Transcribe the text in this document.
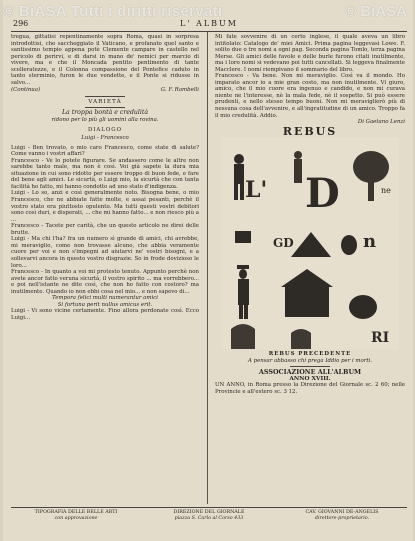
© BiASA Tutti i diritti riservati	© BiASA
296	L' ALBUM

tregua, gittatisi repentinamente sopra Roma, quasi in sorpresa introdottisi, che saccheggiato il Vaticano, e profanato quel santo e santissimo tempio appena potè Clemente campare in castello nel pericolo di perirvi, e di darsi in mano de' nemici per marcio di vivere, ma e che il Moncada pentito pentimento di tante scelleratezze, e il Colonna compassione del Pontefice caduto in tanto sterminio, furon le due vendette, e il Ponte si ridusse in salvo...

(Continua)	G. F. Rambelli

VARIETÀ

La troppa bontà e credulità

ridono per lo più gli uomini alla rovina.

DIALOGO

Luigi - Francesco

Luigi - Ben trovato, o mio caro Francesco, come state di salute? Come vanno i vostri affari?

Francesco - Ve lo potete figurare. Se andassero come le altre non sarebbe tanto male, ma non è così. Voi già sapete la dura mia situazione in cui sono ridotto per essere troppo di buon fede, e fare del bene agli amici. Le sicurtà, o Luigi mio, la sicurtà che con tanta facilità ho fatto, mi hanno condotto ad uno stato d'indigenza.

Luigi - Lo so, anzi e così generalmente noto. Bisogna bene, o mio Francesco, che ne abbiate fatte molte, e assai pesanti, perchè il vostro stato era piuttosto opulento. Ma tutti questi vostri debitori sono così duri, e disperati, ... che mi hanno fatto... e non riesco più a ...

Francesco - Tacete per carità, che un questo articolo ne direi delle brutte.

Luigi - Ma chi l'ha? fra un numero sì grande di amici, chi avrebbe, mi meraviglio, come non trovasse alcuno, che abbia veramente cuore per voi e non s'impegni ad aiutarvi ne' vostri bisogni, e a sollevarvi ancora in questo vostro disgrazie. So in frode dovizioso le loro...

Francesco - In quanto a voi mi protesto tenuto. Appunto perchè non avete ancor fatto veruna sicurtà, il vostro spirito ... ma vorrebbero... e poi nell'istante ne dite così, che non ho fatto con costoro? ma inutilmente. Quando io non ebbi cosa nel mio... e non sapevo di...

Tempora felici multi numerantur amici

Si fortuna perit nullus amicus erit.

Luigi - Vi sono vicine certamente. Fino allora perdonate così. Ecco Luigi...

Mi fate sovvenire di un certo inglese, il quale aveva un libro intitolato: Catalogo de' miei Amici. Prima pagina leggevasi Lowe. F. solito due o tre nomi a ogni pag. Seconda pagina Tomlo, terza pagina Merse. Gli amici delle favole e delle burle furono citati inutilmente, ma i loro nomi si vedevano poi tutti cancellati. Si leggeva finalmente Macclere. I nomi riempivano il sommario del libro.

Francesco - Va bene. Non mi meraviglio. Così va il mondo. Ho imparato ancor io a mie gran costo, ma non inutilmente. Vi giuro, amico, che il mio cuore era ingenuo e candido, e non mi curava niente ne l'interesse, nè la mala fede, nè il sospetto. Si può essere prudenti, e nello stesso tempo buoni. Non mi meraviglierò più di nessuna cosa dell'avvenire, e all'ingratitudine di un amico. Troppo fa il mio credulità. Addio.

Di Gaetano Lenzi

REBUS
L' D	ne
GD	n
RI

REBUS PRECEDENTE

A pensar abbasso chi prega Iddio per i morti.

ASSOCIAZIONE ALL'ALBUM

ANNO XVIII.

UN ANNO, in Roma presso la Direzione del Giornale sc. 2 60; nelle Provincie e all'estero sc. 3 12.

TIPOGRAFIA DELLE BELLE ARTI
con approvazione
DIREZIONE DEL GIORNALE
piazza S. Carlo al Corso 433
CAV. GIOVANNI DE-ANGELIS
direttore-proprietario.
